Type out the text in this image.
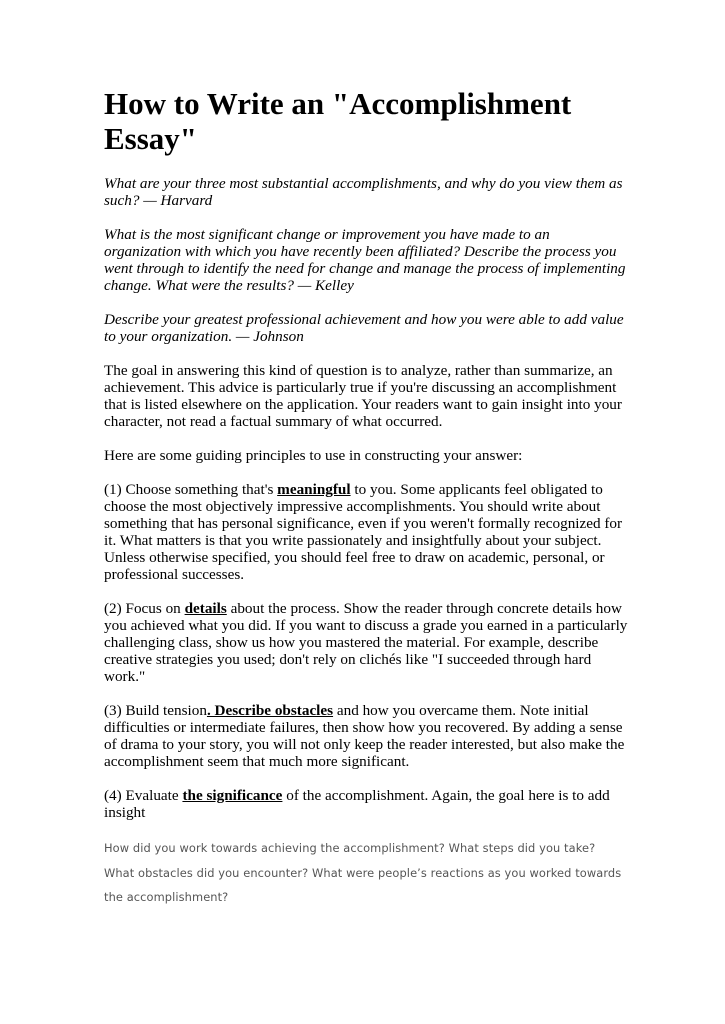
How to Write an "Accomplishment Essay"

What are your three most substantial accomplishments, and why do you view them as such? — Harvard

What is the most significant change or improvement you have made to an organization with which you have recently been affiliated? Describe the process you went through to identify the need for change and manage the process of implementing change. What were the results? — Kelley

Describe your greatest professional achievement and how you were able to add value to your organization. — Johnson

The goal in answering this kind of question is to analyze, rather than summarize, an achievement. This advice is particularly true if you're discussing an accomplishment that is listed elsewhere on the application. Your readers want to gain insight into your character, not read a factual summary of what occurred.

Here are some guiding principles to use in constructing your answer:

(1) Choose something that's meaningful to you. Some applicants feel obligated to choose the most objectively impressive accomplishments. You should write about something that has personal significance, even if you weren't formally recognized for it. What matters is that you write passionately and insightfully about your subject. Unless otherwise specified, you should feel free to draw on academic, personal, or professional successes.

(2) Focus on details about the process. Show the reader through concrete details how you achieved what you did. If you want to discuss a grade you earned in a particularly challenging class, show us how you mastered the material. For example, describe creative strategies you used; don't rely on clichés like "I succeeded through hard work."

(3) Build tension. Describe obstacles and how you overcame them. Note initial difficulties or intermediate failures, then show how you recovered. By adding a sense of drama to your story, you will not only keep the reader interested, but also make the accomplishment seem that much more significant.

(4) Evaluate the significance of the accomplishment. Again, the goal here is to add insight

How did you work towards achieving the accomplishment? What steps did you take? What obstacles did you encounter? What were people’s reactions as you worked towards the accomplishment?
